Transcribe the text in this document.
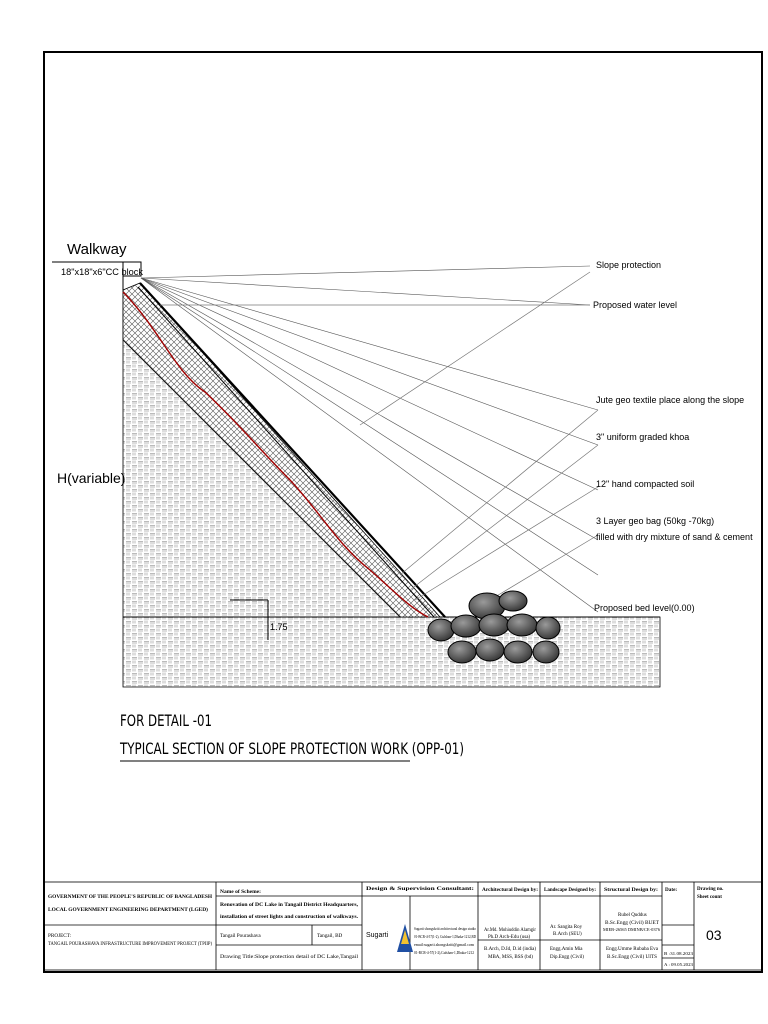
1.75
Walkway
18"x18"x6"CC block
H(variable)
Slope protection
Proposed water level
Jute geo textile place along the slope
3" uniform graded khoa
12" hand compacted soil
3 Layer geo bag (50kg -70kg)
filled with dry mixture of sand & cement
Proposed bed level(0.00)
FOR DETAIL -01
TYPICAL SECTION OF SLOPE PROTECTION WORK (OPP-01)
GOVERNMENT OF THE PEOPLE'S REPUBLIC OF BANGLADESH
LOCAL GOVERNMENT ENGINEERING DEPARTMENT (LGED)
PROJECT:
TANGAIL POURASHAVA INFRASTRUCTURE IMPROVEMENT PROJECT (TPIIP)
Name of Scheme:
Renovation of DC Lake in Tangail District Headquarters,
installation of street lights and construction of walkways.
Tangail Pourashava	Tangail, BD
Drawing Title:Slope protection detail of DC Lake,Tangail
Design & Supervision Consultant:
Sugarti
Sugarti shongskriti architectural design studio
01-BCR-4-57(1-2), Gulshan-1,Dhaka-1212,BD
email:sugarti.shongskriti@gmail.com
01-BCR-4-57(1-2),Gulshan-1,Dhaka-1212
Architectural Design by:
Ar.Md. Mohiuddin Alamgir
Ph.D Arch-Edu (usa)
B.Arch, D.Id, D.id (india)
MBA, MSS, BSS (bd)
Landscape Designed by:
Ar. Sangita Roy
B.Arch (SEU)
Engg.Amin Mia
Dip.Engg (Civil)
Structural Design by:
Rubel Quddus
B.Sc.Engg (Civil) BUET
MIEB-26565 DMINB/CE-0376
Engg.Umme Rubaba Eva
B.Sc.Engg (Civil) UITS
Date:
B :31.08.2023
A : 09.05.2023
Drawing no.
Sheet count
03
